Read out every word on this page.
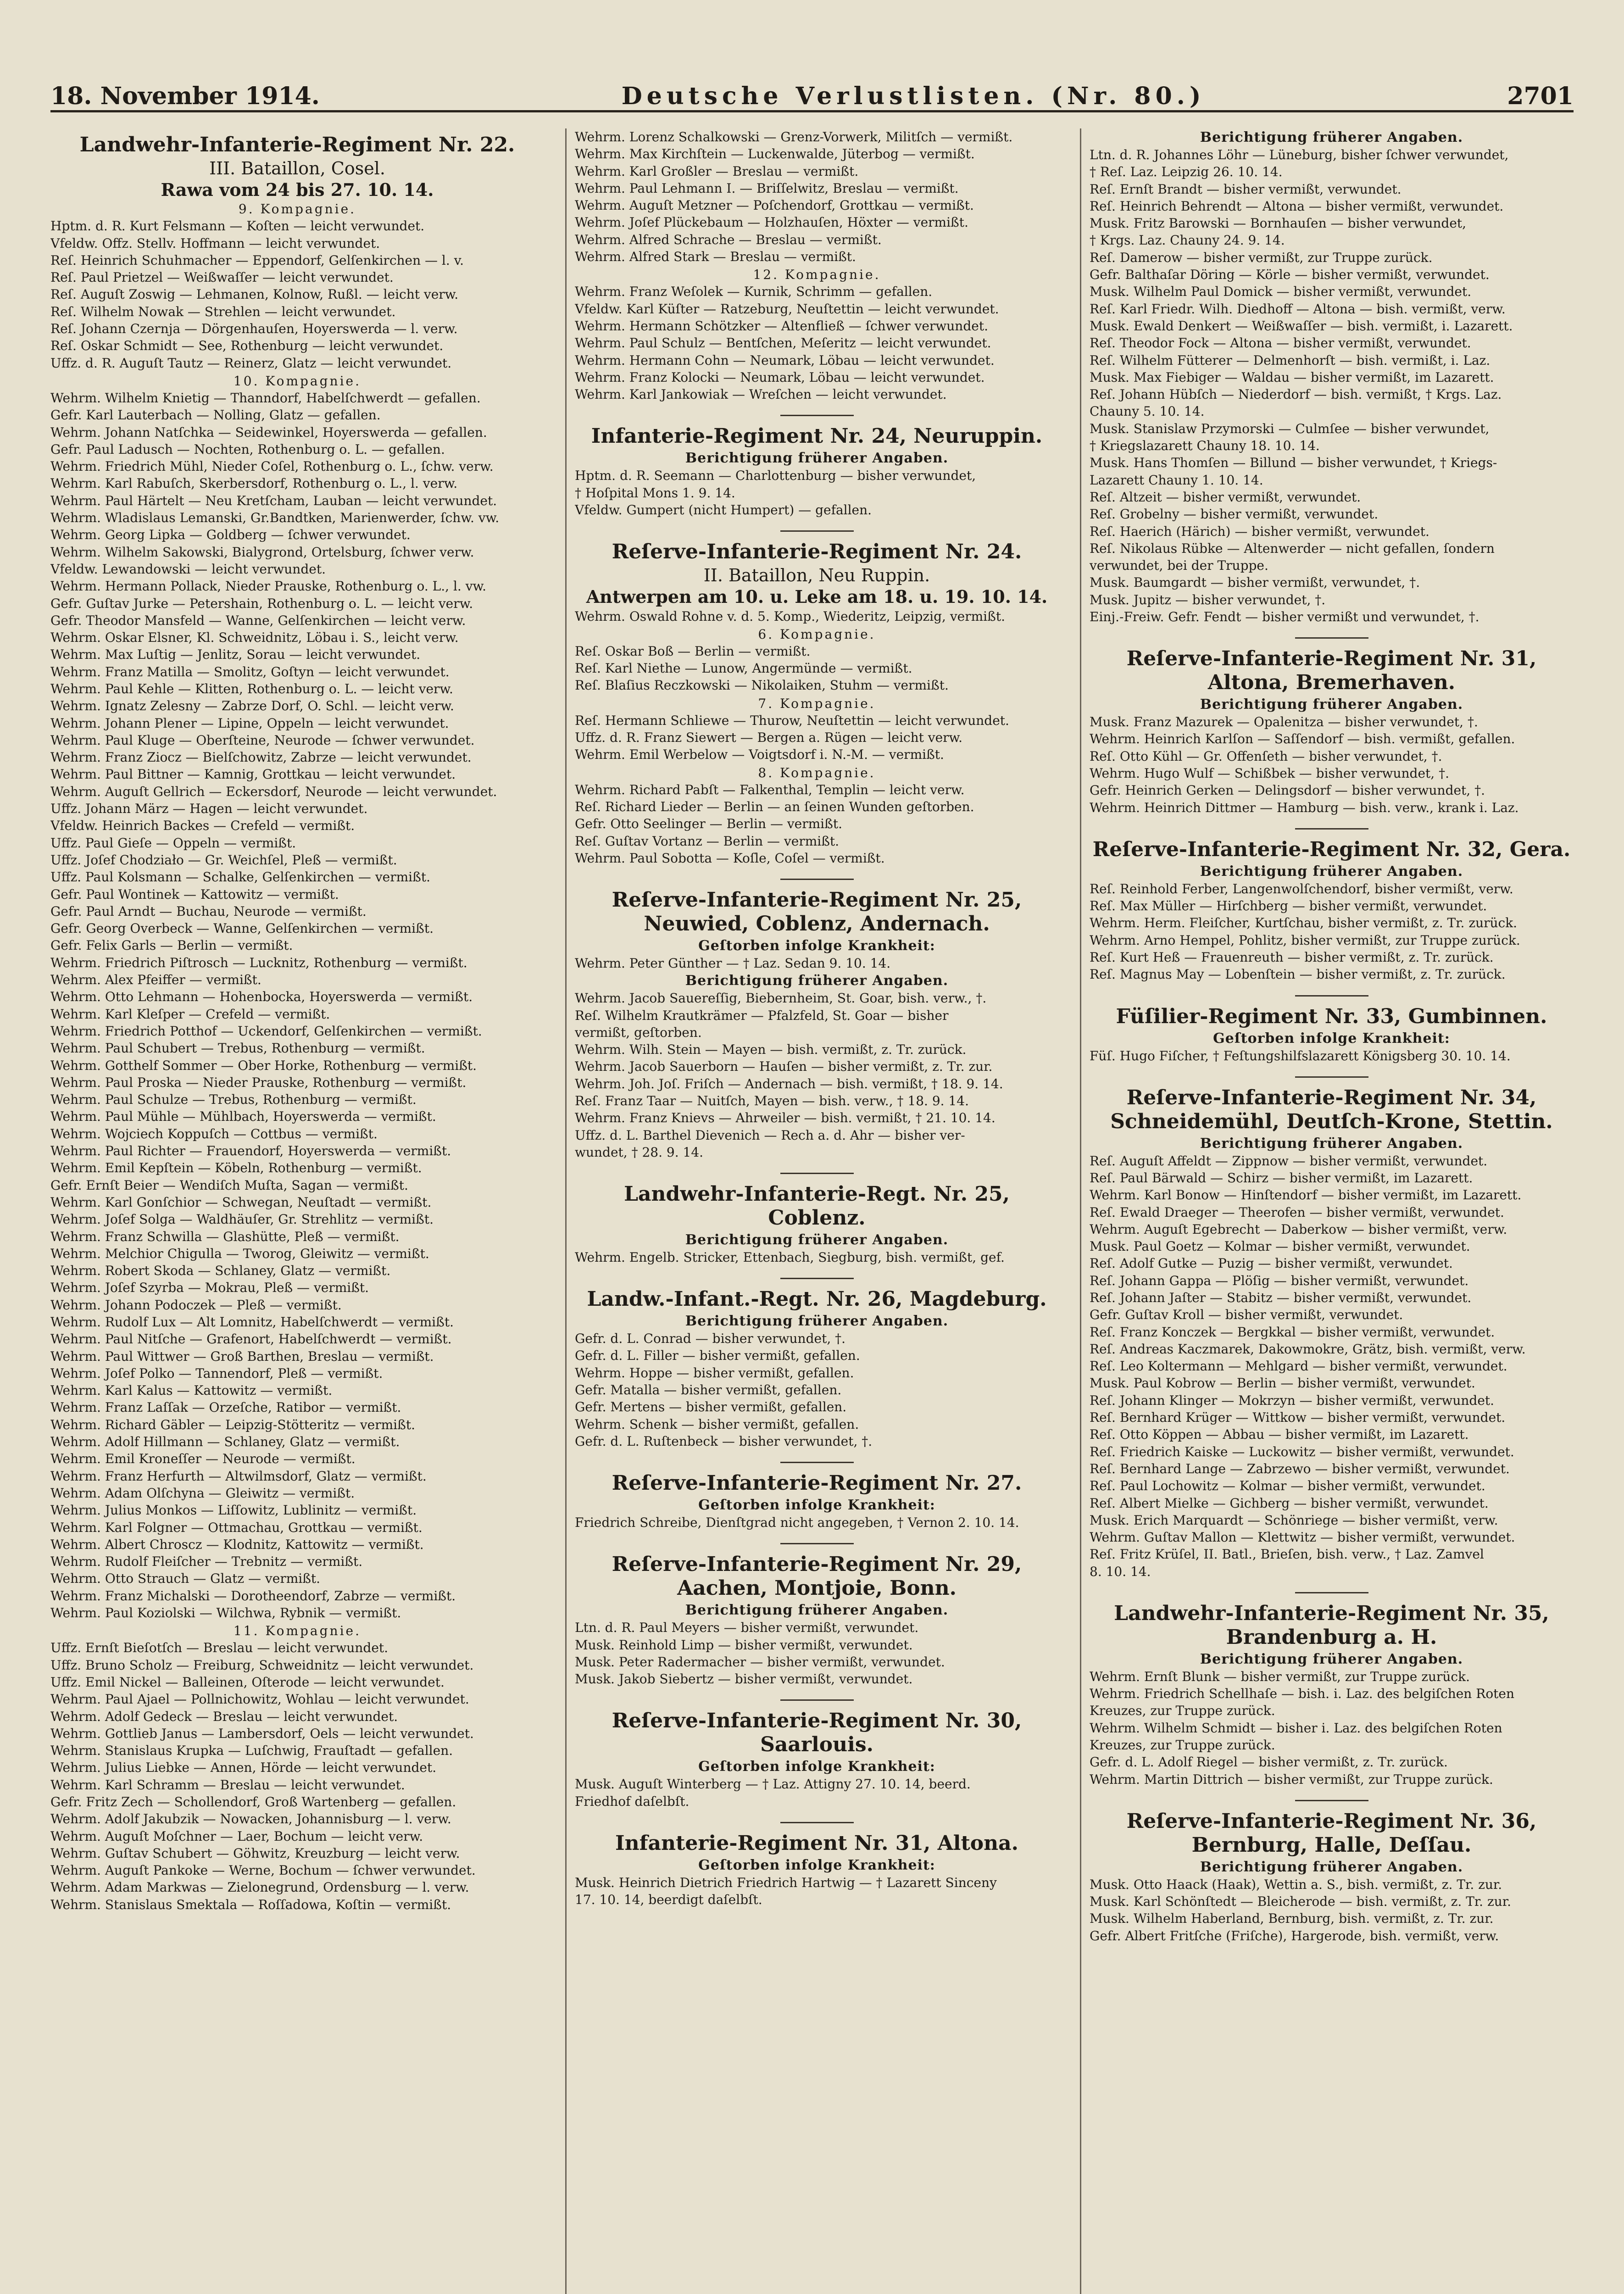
18. November 1914.	Deutsche Verlustlisten. (Nr. 80.)	2701
Landwehr-Infanterie-Regiment Nr. 22.
III. Bataillon, Cosel.
Rawa vom 24 bis 27. 10. 14.
9. Kompagnie.
Hptm. d. R. Kurt Felsmann — Koſten — leicht verwundet.
Vfeldw. Offz. Stellv. Hoffmann — leicht verwundet.
Reſ. Heinrich Schuhmacher — Eppendorf, Gelſenkirchen — l. v.
Reſ. Paul Prietzel — Weißwaſſer — leicht verwundet.
Reſ. Auguſt Zoswig — Lehmanen, Kolnow, Rußl. — leicht verw.
Reſ. Wilhelm Nowak — Strehlen — leicht verwundet.
Reſ. Johann Czernja — Dörgenhauſen, Hoyerswerda — l. verw.
Reſ. Oskar Schmidt — See, Rothenburg — leicht verwundet.
Uffz. d. R. Auguſt Tautz — Reinerz, Glatz — leicht verwundet.
10. Kompagnie.
Wehrm. Wilhelm Knietig — Thanndorf, Habelſchwerdt — gefallen.
Gefr. Karl Lauterbach — Nolling, Glatz — gefallen.
Wehrm. Johann Natſchka — Seidewinkel, Hoyerswerda — gefallen.
Gefr. Paul Ladusch — Nochten, Rothenburg o. L. — gefallen.
Wehrm. Friedrich Mühl, Nieder Coſel, Rothenburg o. L., ſchw. verw.
Wehrm. Karl Rabuſch, Skerbersdorf, Rothenburg o. L., l. verw.
Wehrm. Paul Härtelt — Neu Kretſcham, Lauban — leicht verwundet.
Wehrm. Wladislaus Lemanski, Gr.Bandtken, Marienwerder, ſchw. vw.
Wehrm. Georg Lipka — Goldberg — ſchwer verwundet.
Wehrm. Wilhelm Sakowski, Bialygrond, Ortelsburg, ſchwer verw.
Vfeldw. Lewandowski — leicht verwundet.
Wehrm. Hermann Pollack, Nieder Prauske, Rothenburg o. L., l. vw.
Gefr. Guſtav Jurke — Petershain, Rothenburg o. L. — leicht verw.
Gefr. Theodor Mansfeld — Wanne, Gelſenkirchen — leicht verw.
Wehrm. Oskar Elsner, Kl. Schweidnitz, Löbau i. S., leicht verw.
Wehrm. Max Luſtig — Jenlitz, Sorau — leicht verwundet.
Wehrm. Franz Matilla — Smolitz, Goſtyn — leicht verwundet.
Wehrm. Paul Kehle — Klitten, Rothenburg o. L. — leicht verw.
Wehrm. Ignatz Zelesny — Zabrze Dorf, O. Schl. — leicht verw.
Wehrm. Johann Plener — Lipine, Oppeln — leicht verwundet.
Wehrm. Paul Kluge — Oberſteine, Neurode — ſchwer verwundet.
Wehrm. Franz Ziocz — Bielſchowitz, Zabrze — leicht verwundet.
Wehrm. Paul Bittner — Kamnig, Grottkau — leicht verwundet.
Wehrm. Auguſt Gellrich — Eckersdorf, Neurode — leicht verwundet.
Uffz. Johann März — Hagen — leicht verwundet.
Vfeldw. Heinrich Backes — Crefeld — vermißt.
Uffz. Paul Gieſe — Oppeln — vermißt.
Uffz. Joſef Chodziało — Gr. Weichſel, Pleß — vermißt.
Uffz. Paul Kolsmann — Schalke, Gelſenkirchen — vermißt.
Gefr. Paul Wontinek — Kattowitz — vermißt.
Gefr. Paul Arndt — Buchau, Neurode — vermißt.
Gefr. Georg Overbeck — Wanne, Gelſenkirchen — vermißt.
Gefr. Felix Garls — Berlin — vermißt.
Wehrm. Friedrich Piſtrosch — Lucknitz, Rothenburg — vermißt.
Wehrm. Alex Pfeiffer — vermißt.
Wehrm. Otto Lehmann — Hohenbocka, Hoyerswerda — vermißt.
Wehrm. Karl Kleſper — Crefeld — vermißt.
Wehrm. Friedrich Potthof — Uckendorf, Gelſenkirchen — vermißt.
Wehrm. Paul Schubert — Trebus, Rothenburg — vermißt.
Wehrm. Gotthelf Sommer — Ober Horke, Rothenburg — vermißt.
Wehrm. Paul Proska — Nieder Prauske, Rothenburg — vermißt.
Wehrm. Paul Schulze — Trebus, Rothenburg — vermißt.
Wehrm. Paul Mühle — Mühlbach, Hoyerswerda — vermißt.
Wehrm. Wojciech Koppuſch — Cottbus — vermißt.
Wehrm. Paul Richter — Frauendorf, Hoyerswerda — vermißt.
Wehrm. Emil Kepſtein — Köbeln, Rothenburg — vermißt.
Gefr. Ernſt Beier — Wendiſch Muſta, Sagan — vermißt.
Wehrm. Karl Gonſchior — Schwegan, Neuſtadt — vermißt.
Wehrm. Joſef Solga — Waldhäuſer, Gr. Strehlitz — vermißt.
Wehrm. Franz Schwilla — Glashütte, Pleß — vermißt.
Wehrm. Melchior Chigulla — Tworog, Gleiwitz — vermißt.
Wehrm. Robert Skoda — Schlaney, Glatz — vermißt.
Wehrm. Joſef Szyrba — Mokrau, Pleß — vermißt.
Wehrm. Johann Podoczek — Pleß — vermißt.
Wehrm. Rudolf Lux — Alt Lomnitz, Habelſchwerdt — vermißt.
Wehrm. Paul Nitſche — Grafenort, Habelſchwerdt — vermißt.
Wehrm. Paul Wittwer — Groß Barthen, Breslau — vermißt.
Wehrm. Joſef Polko — Tannendorf, Pleß — vermißt.
Wehrm. Karl Kalus — Kattowitz — vermißt.
Wehrm. Franz Laſſak — Orzeſche, Ratibor — vermißt.
Wehrm. Richard Gäbler — Leipzig-Stötteritz — vermißt.
Wehrm. Adolf Hillmann — Schlaney, Glatz — vermißt.
Wehrm. Emil Kroneſſer — Neurode — vermißt.
Wehrm. Franz Herfurth — Altwilmsdorf, Glatz — vermißt.
Wehrm. Adam Olſchyna — Gleiwitz — vermißt.
Wehrm. Julius Monkos — Liſſowitz, Lublinitz — vermißt.
Wehrm. Karl Folgner — Ottmachau, Grottkau — vermißt.
Wehrm. Albert Chroscz — Klodnitz, Kattowitz — vermißt.
Wehrm. Rudolf Fleiſcher — Trebnitz — vermißt.
Wehrm. Otto Strauch — Glatz — vermißt.
Wehrm. Franz Michalski — Dorotheendorf, Zabrze — vermißt.
Wehrm. Paul Koziolski — Wilchwa, Rybnik — vermißt.
11. Kompagnie.
Uffz. Ernſt Bieſotſch — Breslau — leicht verwundet.
Uffz. Bruno Scholz — Freiburg, Schweidnitz — leicht verwundet.
Uffz. Emil Nickel — Balleinen, Oſterode — leicht verwundet.
Wehrm. Paul Ajael — Pollnichowitz, Wohlau — leicht verwundet.
Wehrm. Adolf Gedeck — Breslau — leicht verwundet.
Wehrm. Gottlieb Janus — Lambersdorf, Oels — leicht verwundet.
Wehrm. Stanislaus Krupka — Luſchwig, Frauſtadt — gefallen.
Wehrm. Julius Liebke — Annen, Hörde — leicht verwundet.
Wehrm. Karl Schramm — Breslau — leicht verwundet.
Gefr. Fritz Zech — Schollendorf, Groß Wartenberg — gefallen.
Wehrm. Adolf Jakubzik — Nowacken, Johannisburg — l. verw.
Wehrm. Auguſt Moſchner — Laer, Bochum — leicht verw.
Wehrm. Guſtav Schubert — Göhwitz, Kreuzburg — leicht verw.
Wehrm. Auguſt Pankoke — Werne, Bochum — ſchwer verwundet.
Wehrm. Adam Markwas — Zielonegrund, Ordensburg — l. verw.
Wehrm. Stanislaus Smektala — Roſſadowa, Koſtin — vermißt.
Wehrm. Lorenz Schalkowski — Grenz-Vorwerk, Militſch — vermißt.
Wehrm. Max Kirchſtein — Luckenwalde, Jüterbog — vermißt.
Wehrm. Karl Großler — Breslau — vermißt.
Wehrm. Paul Lehmann I. — Briſſelwitz, Breslau — vermißt.
Wehrm. Auguſt Metzner — Poſchendorf, Grottkau — vermißt.
Wehrm. Joſef Plückebaum — Holzhauſen, Höxter — vermißt.
Wehrm. Alfred Schrache — Breslau — vermißt.
Wehrm. Alfred Stark — Breslau — vermißt.
12. Kompagnie.
Wehrm. Franz Weſolek — Kurnik, Schrimm — gefallen.
Vfeldw. Karl Küſter — Ratzeburg, Neuſtettin — leicht verwundet.
Wehrm. Hermann Schötzker — Altenfließ — ſchwer verwundet.
Wehrm. Paul Schulz — Bentſchen, Meſeritz — leicht verwundet.
Wehrm. Hermann Cohn — Neumark, Löbau — leicht verwundet.
Wehrm. Franz Kolocki — Neumark, Löbau — leicht verwundet.
Wehrm. Karl Jankowiak — Wreſchen — leicht verwundet.
Infanterie-Regiment Nr. 24, Neuruppin.
Berichtigung früherer Angaben.
Hptm. d. R. Seemann — Charlottenburg — bisher verwundet,
† Hoſpital Mons 1. 9. 14.
Vfeldw. Gumpert (nicht Humpert) — gefallen.
Reſerve-Infanterie-Regiment Nr. 24.
II. Bataillon, Neu Ruppin.
Antwerpen am 10. u. Leke am 18. u. 19. 10. 14.
Wehrm. Oswald Rohne v. d. 5. Komp., Wiederitz, Leipzig, vermißt.
6. Kompagnie.
Reſ. Oskar Boß — Berlin — vermißt.
Reſ. Karl Niethe — Lunow, Angermünde — vermißt.
Reſ. Blaſius Reczkowski — Nikolaiken, Stuhm — vermißt.
7. Kompagnie.
Reſ. Hermann Schliewe — Thurow, Neuſtettin — leicht verwundet.
Uffz. d. R. Franz Siewert — Bergen a. Rügen — leicht verw.
Wehrm. Emil Werbelow — Voigtsdorf i. N.-M. — vermißt.
8. Kompagnie.
Wehrm. Richard Pabſt — Falkenthal, Templin — leicht verw.
Reſ. Richard Lieder — Berlin — an ſeinen Wunden geſtorben.
Gefr. Otto Seelinger — Berlin — vermißt.
Reſ. Guſtav Vortanz — Berlin — vermißt.
Wehrm. Paul Sobotta — Koſle, Coſel — vermißt.
Reſerve-Infanterie-Regiment Nr. 25, Neuwied, Coblenz, Andernach.
Geſtorben infolge Krankheit:
Wehrm. Peter Günther — † Laz. Sedan 9. 10. 14.
Berichtigung früherer Angaben.
Wehrm. Jacob Sauereſſig, Biebernheim, St. Goar, bish. verw., †.
Reſ. Wilhelm Krautkrämer — Pfalzfeld, St. Goar — bisher
vermißt, geſtorben.
Wehrm. Wilh. Stein — Mayen — bish. vermißt, z. Tr. zurück.
Wehrm. Jacob Sauerborn — Hauſen — bisher vermißt, z. Tr. zur.
Wehrm. Joh. Joſ. Friſch — Andernach — bish. vermißt, † 18. 9. 14.
Reſ. Franz Taar — Nuitſch, Mayen — bish. verw., † 18. 9. 14.
Wehrm. Franz Knievs — Ahrweiler — bish. vermißt, † 21. 10. 14.
Uffz. d. L. Barthel Dievenich — Rech a. d. Ahr — bisher ver-
wundet, † 28. 9. 14.
Landwehr-Infanterie-Regt. Nr. 25, Coblenz.
Berichtigung früherer Angaben.
Wehrm. Engelb. Stricker, Ettenbach, Siegburg, bish. vermißt, gef.
Landw.-Infant.-Regt. Nr. 26, Magdeburg.
Berichtigung früherer Angaben.
Gefr. d. L. Conrad — bisher verwundet, †.
Gefr. d. L. Filler — bisher vermißt, gefallen.
Wehrm. Hoppe — bisher vermißt, gefallen.
Gefr. Matalla — bisher vermißt, gefallen.
Gefr. Mertens — bisher vermißt, gefallen.
Wehrm. Schenk — bisher vermißt, gefallen.
Gefr. d. L. Ruſtenbeck — bisher verwundet, †.
Reſerve-Infanterie-Regiment Nr. 27.
Geſtorben infolge Krankheit:
Friedrich Schreibe, Dienſtgrad nicht angegeben, † Vernon 2. 10. 14.
Reſerve-Infanterie-Regiment Nr. 29, Aachen, Montjoie, Bonn.
Berichtigung früherer Angaben.
Ltn. d. R. Paul Meyers — bisher vermißt, verwundet.
Musk. Reinhold Limp — bisher vermißt, verwundet.
Musk. Peter Radermacher — bisher vermißt, verwundet.
Musk. Jakob Siebertz — bisher vermißt, verwundet.
Reſerve-Infanterie-Regiment Nr. 30, Saarlouis.
Geſtorben infolge Krankheit:
Musk. Auguſt Winterberg — † Laz. Attigny 27. 10. 14, beerd.
Friedhof daſelbſt.
Infanterie-Regiment Nr. 31, Altona.
Geſtorben infolge Krankheit:
Musk. Heinrich Dietrich Friedrich Hartwig — † Lazarett Sinceny
17. 10. 14, beerdigt daſelbſt.
Berichtigung früherer Angaben.
Ltn. d. R. Johannes Löhr — Lüneburg, bisher ſchwer verwundet,
† Reſ. Laz. Leipzig 26. 10. 14.
Reſ. Ernſt Brandt — bisher vermißt, verwundet.
Reſ. Heinrich Behrendt — Altona — bisher vermißt, verwundet.
Musk. Fritz Barowski — Bornhauſen — bisher verwundet,
† Krgs. Laz. Chauny 24. 9. 14.
Reſ. Damerow — bisher vermißt, zur Truppe zurück.
Gefr. Balthaſar Döring — Körle — bisher vermißt, verwundet.
Musk. Wilhelm Paul Domick — bisher vermißt, verwundet.
Reſ. Karl Friedr. Wilh. Diedhoff — Altona — bish. vermißt, verw.
Musk. Ewald Denkert — Weißwaſſer — bish. vermißt, i. Lazarett.
Reſ. Theodor Fock — Altona — bisher vermißt, verwundet.
Reſ. Wilhelm Fütterer — Delmenhorſt — bish. vermißt, i. Laz.
Musk. Max Fiebiger — Waldau — bisher vermißt, im Lazarett.
Reſ. Johann Hübſch — Niederdorf — bish. vermißt, † Krgs. Laz.
Chauny 5. 10. 14.
Musk. Stanislaw Przymorski — Culmſee — bisher verwundet,
† Kriegslazarett Chauny 18. 10. 14.
Musk. Hans Thomſen — Billund — bisher verwundet, † Kriegs-
Lazarett Chauny 1. 10. 14.
Reſ. Altzeit — bisher vermißt, verwundet.
Reſ. Grobelny — bisher vermißt, verwundet.
Reſ. Haerich (Härich) — bisher vermißt, verwundet.
Reſ. Nikolaus Rübke — Altenwerder — nicht gefallen, ſondern
verwundet, bei der Truppe.
Musk. Baumgardt — bisher vermißt, verwundet, †.
Musk. Jupitz — bisher verwundet, †.
Einj.-Freiw. Gefr. Fendt — bisher vermißt und verwundet, †.
Reſerve-Infanterie-Regiment Nr. 31, Altona, Bremerhaven.
Berichtigung früherer Angaben.
Musk. Franz Mazurek — Opalenitza — bisher verwundet, †.
Wehrm. Heinrich Karlſon — Saſſendorf — bish. vermißt, gefallen.
Reſ. Otto Kühl — Gr. Offenſeth — bisher verwundet, †.
Wehrm. Hugo Wulf — Schißbek — bisher verwundet, †.
Gefr. Heinrich Gerken — Delingsdorf — bisher verwundet, †.
Wehrm. Heinrich Dittmer — Hamburg — bish. verw., krank i. Laz.
Reſerve-Infanterie-Regiment Nr. 32, Gera.
Berichtigung früherer Angaben.
Reſ. Reinhold Ferber, Langenwolſchendorf, bisher vermißt, verw.
Reſ. Max Müller — Hirſchberg — bisher vermißt, verwundet.
Wehrm. Herm. Fleiſcher, Kurtſchau, bisher vermißt, z. Tr. zurück.
Wehrm. Arno Hempel, Pohlitz, bisher vermißt, zur Truppe zurück.
Reſ. Kurt Heß — Frauenreuth — bisher vermißt, z. Tr. zurück.
Reſ. Magnus May — Lobenſtein — bisher vermißt, z. Tr. zurück.
Füſilier-Regiment Nr. 33, Gumbinnen.
Geſtorben infolge Krankheit:
Füſ. Hugo Fiſcher, † Feſtungshilfslazarett Königsberg 30. 10. 14.
Reſerve-Infanterie-Regiment Nr. 34, Schneidemühl, Deutſch-Krone, Stettin.
Berichtigung früherer Angaben.
Reſ. Auguſt Affeldt — Zippnow — bisher vermißt, verwundet.
Reſ. Paul Bärwald — Schirz — bisher vermißt, im Lazarett.
Wehrm. Karl Bonow — Hinſtendorf — bisher vermißt, im Lazarett.
Reſ. Ewald Draeger — Theerofen — bisher vermißt, verwundet.
Wehrm. Auguſt Egebrecht — Daberkow — bisher vermißt, verw.
Musk. Paul Goetz — Kolmar — bisher vermißt, verwundet.
Reſ. Adolf Gutke — Puzig — bisher vermißt, verwundet.
Reſ. Johann Gappa — Plöſig — bisher vermißt, verwundet.
Reſ. Johann Jaſter — Stabitz — bisher vermißt, verwundet.
Gefr. Guſtav Kroll — bisher vermißt, verwundet.
Reſ. Franz Konczek — Bergkkal — bisher vermißt, verwundet.
Reſ. Andreas Kaczmarek, Dakowmokre, Grätz, bish. vermißt, verw.
Reſ. Leo Koltermann — Mehlgard — bisher vermißt, verwundet.
Musk. Paul Kobrow — Berlin — bisher vermißt, verwundet.
Reſ. Johann Klinger — Mokrzyn — bisher vermißt, verwundet.
Reſ. Bernhard Krüger — Wittkow — bisher vermißt, verwundet.
Reſ. Otto Köppen — Abbau — bisher vermißt, im Lazarett.
Reſ. Friedrich Kaiske — Luckowitz — bisher vermißt, verwundet.
Reſ. Bernhard Lange — Zabrzewo — bisher vermißt, verwundet.
Reſ. Paul Lochowitz — Kolmar — bisher vermißt, verwundet.
Reſ. Albert Mielke — Gichberg — bisher vermißt, verwundet.
Musk. Erich Marquardt — Schönriege — bisher vermißt, verw.
Wehrm. Guſtav Mallon — Klettwitz — bisher vermißt, verwundet.
Reſ. Fritz Krüſel, II. Batl., Brieſen, bish. verw., † Laz. Zamvel
8. 10. 14.
Landwehr-Infanterie-Regiment Nr. 35, Brandenburg a. H.
Berichtigung früherer Angaben.
Wehrm. Ernſt Blunk — bisher vermißt, zur Truppe zurück.
Wehrm. Friedrich Schellhaſe — bish. i. Laz. des belgiſchen Roten
Kreuzes, zur Truppe zurück.
Wehrm. Wilhelm Schmidt — bisher i. Laz. des belgiſchen Roten
Kreuzes, zur Truppe zurück.
Gefr. d. L. Adolf Riegel — bisher vermißt, z. Tr. zurück.
Wehrm. Martin Dittrich — bisher vermißt, zur Truppe zurück.
Reſerve-Infanterie-Regiment Nr. 36, Bernburg, Halle, Deſſau.
Berichtigung früherer Angaben.
Musk. Otto Haack (Haak), Wettin a. S., bish. vermißt, z. Tr. zur.
Musk. Karl Schönſtedt — Bleicherode — bish. vermißt, z. Tr. zur.
Musk. Wilhelm Haberland, Bernburg, bish. vermißt, z. Tr. zur.
Gefr. Albert Fritſche (Friſche), Hargerode, bish. vermißt, verw.
